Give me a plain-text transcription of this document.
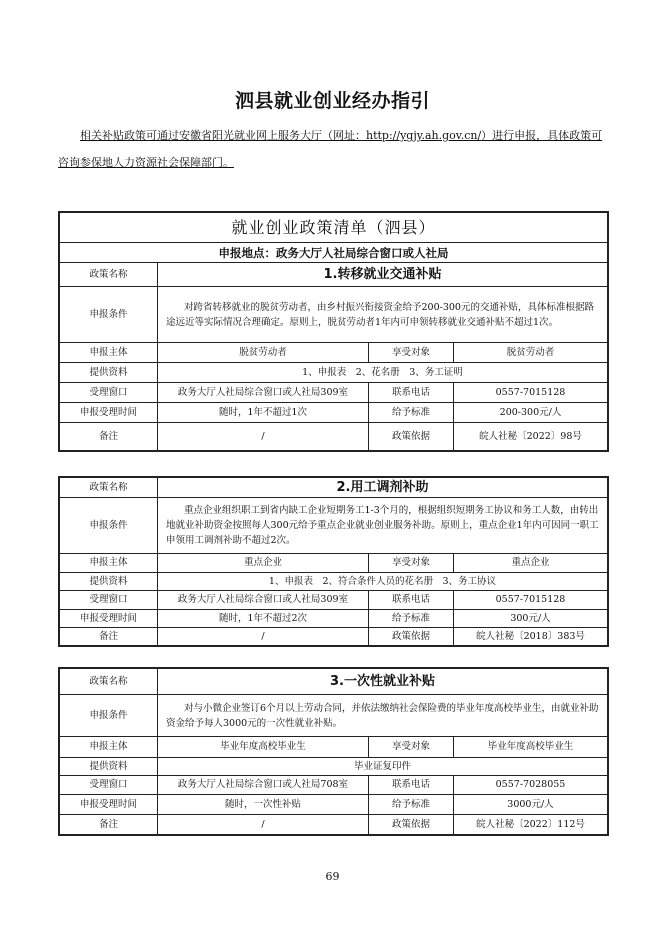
泗县就业创业经办指引
相关补贴政策可通过安徽省阳光就业网上服务大厅（网址：http://ygjy.ah.gov.cn/）进行申报，具体政策可咨询参保地人力资源社会保障部门。
就业创业政策清单（泗县）			
申报地点：政务大厅人社局综合窗口或人社局			
政策名称	1.转移就业交通补贴		
申报条件	对跨省转移就业的脱贫劳动者，由乡村振兴衔接资金给予200-300元的交通补贴，具体标准根据路途远近等实际情况合理确定。原则上，脱贫劳动者1年内可申领转移就业交通补贴不超过1次。		

申报主体	脱贫劳动者	享受对象	脱贫劳动者
提供资料	1、申报表　2、花名册　3、务工证明		
受理窗口	政务大厅人社局综合窗口或人社局309室	联系电话	0557-7015128
申报受理时间	随时，1年不超过1次	给予标准	200-300元/人
备注	/	政策依据	皖人社秘〔2022〕98号
政策名称	2.用工调剂补助		
申报条件	重点企业组织职工到省内缺工企业短期务工1-3个月的，根据组织短期务工协议和务工人数，由转出地就业补助资金按照每人300元给予重点企业就业创业服务补助。原则上，重点企业1年内可因同一职工申领用工调剂补助不超过2次。		

申报主体	重点企业	享受对象	重点企业
提供资料	1、申报表　2、符合条件人员的花名册　3、务工协议		
受理窗口	政务大厅人社局综合窗口或人社局309室	联系电话	0557-7015128
申报受理时间	随时，1年不超过2次	给予标准	300元/人
备注	/	政策依据	皖人社秘〔2018〕383号
政策名称	3.一次性就业补贴		
申报条件	对与小微企业签订6个月以上劳动合同，并依法缴纳社会保险费的毕业年度高校毕业生，由就业补助资金给予每人3000元的一次性就业补贴。		

申报主体	毕业年度高校毕业生	享受对象	毕业年度高校毕业生
提供资料	毕业证复印件		
受理窗口	政务大厅人社局综合窗口或人社局708室	联系电话	0557-7028055
申报受理时间	随时，一次性补贴	给予标准	3000元/人
备注	/	政策依据	皖人社秘〔2022〕112号
69
